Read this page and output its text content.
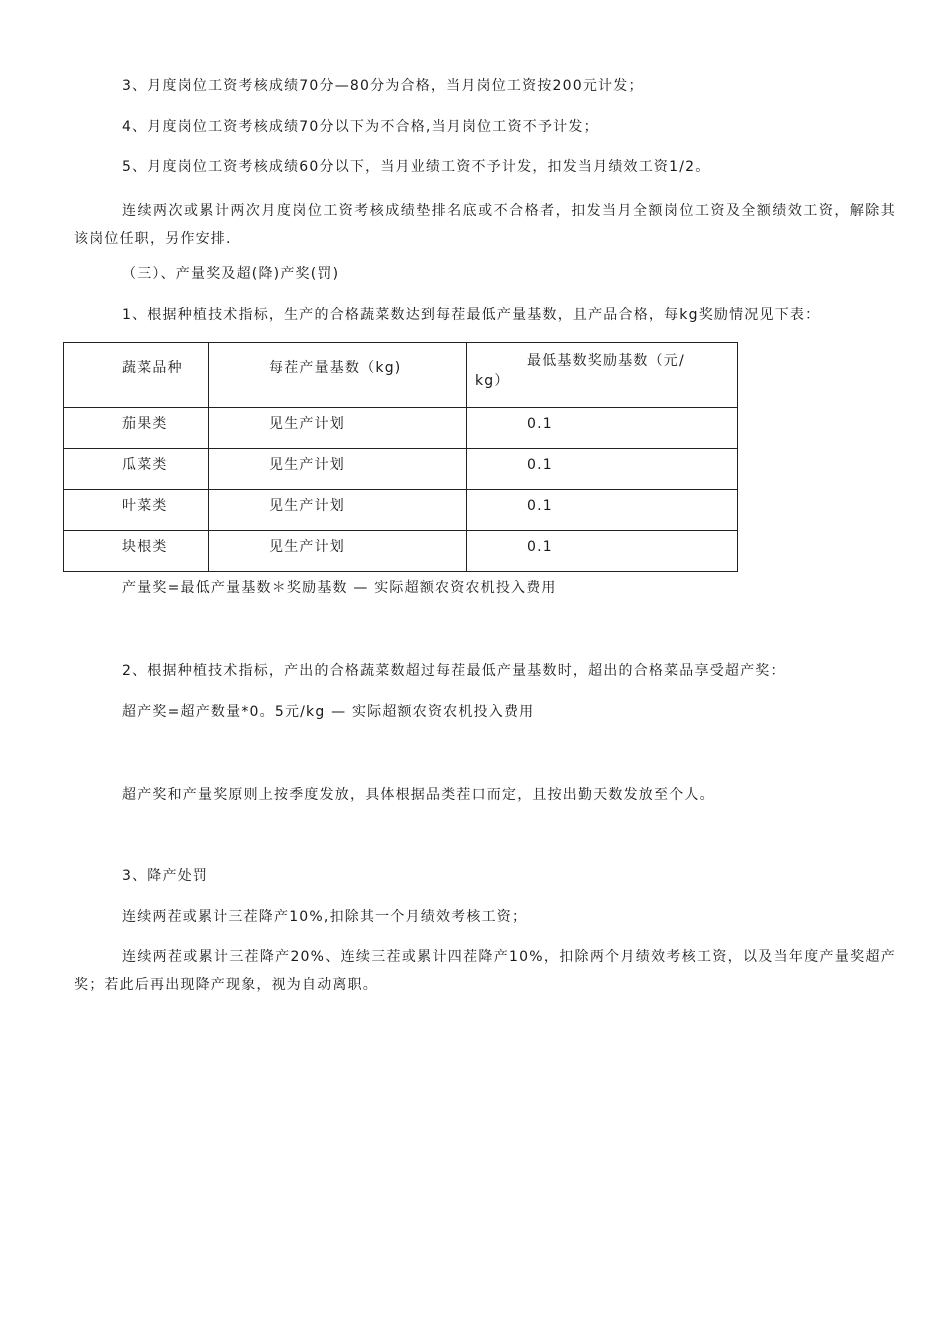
3、月度岗位工资考核成绩70分—80分为合格，当月岗位工资按200元计发；
4、月度岗位工资考核成绩70分以下为不合格,当月岗位工资不予计发；
5、月度岗位工资考核成绩60分以下，当月业绩工资不予计发，扣发当月绩效工资1/2。
连续两次或累计两次月度岗位工资考核成绩垫排名底或不合格者，扣发当月全额岗位工资及全额绩效工资，解除其该岗位任职，另作安排.
（三）、产量奖及超(降)产奖(罚)
1、根据种植技术指标，生产的合格蔬菜数达到每茬最低产量基数，且产品合格，每kg奖励情况见下表：
蔬菜品种	每茬产量基数（kg)	最低基数奖励基数（元/
kg）

茄果类	见生产计划	0.1

瓜菜类	见生产计划	0.1

叶菜类	见生产计划	0.1

块根类	见生产计划	0.1
产量奖=最低产量基数＊奖励基数 — 实际超额农资农机投入费用
2、根据种植技术指标，产出的合格蔬菜数超过每茬最低产量基数时，超出的合格菜品享受超产奖：
超产奖=超产数量*0。5元/kg — 实际超额农资农机投入费用
超产奖和产量奖原则上按季度发放，具体根据品类茬口而定，且按出勤天数发放至个人。
3、降产处罚
连续两茬或累计三茬降产10%,扣除其一个月绩效考核工资；
连续两茬或累计三茬降产20%、连续三茬或累计四茬降产10%，扣除两个月绩效考核工资，以及当年度产量奖超产奖；若此后再出现降产现象，视为自动离职。
